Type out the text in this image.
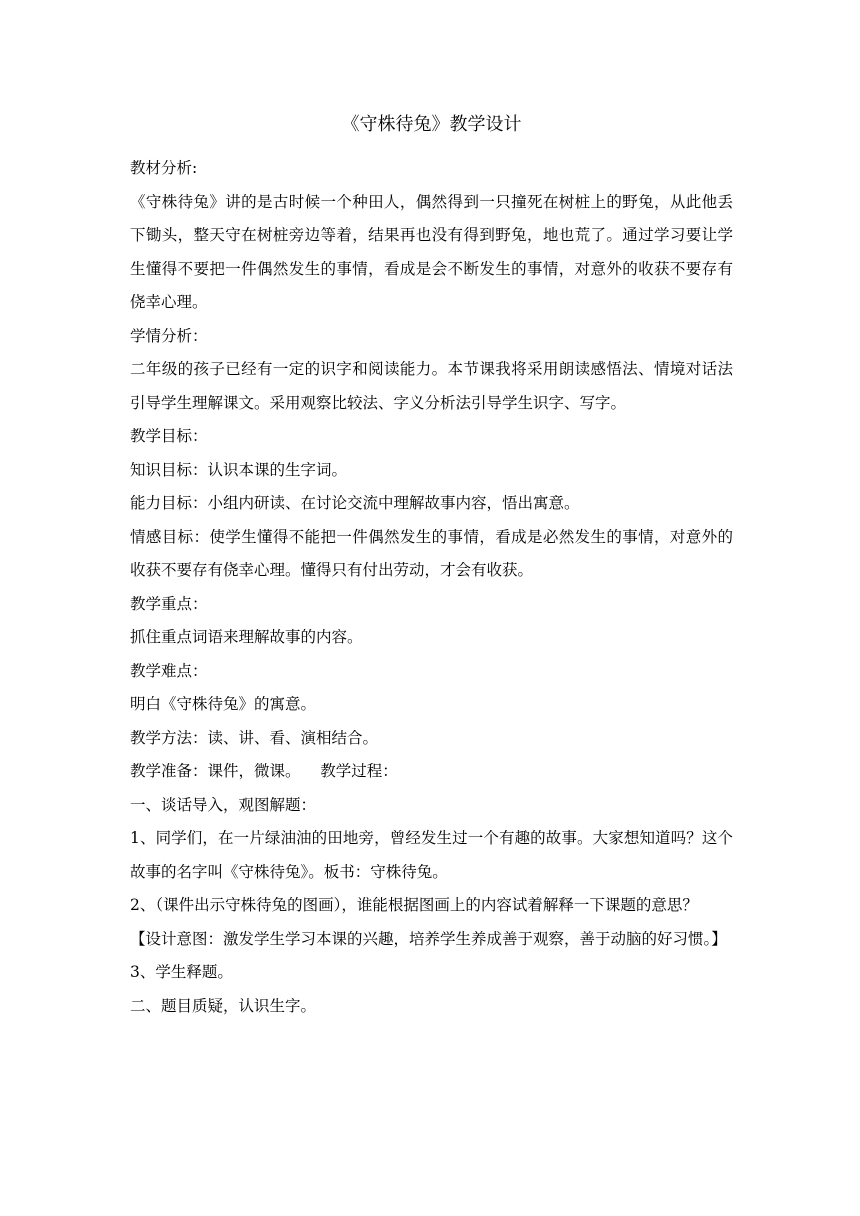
《守株待兔》教学设计

教材分析:

《守株待兔》讲的是古时候一个种田人，偶然得到一只撞死在树桩上的野兔，从此他丢下锄头，整天守在树桩旁边等着，结果再也没有得到野兔，地也荒了。通过学习要让学生懂得不要把一件偶然发生的事情，看成是会不断发生的事情，对意外的收获不要存有侥幸心理。

学情分析：

二年级的孩子已经有一定的识字和阅读能力。本节课我将采用朗读感悟法、情境对话法引导学生理解课文。采用观察比较法、字义分析法引导学生识字、写字。

教学目标：

知识目标：认识本课的生字词。

能力目标：小组内研读、在讨论交流中理解故事内容，悟出寓意。

情感目标：使学生懂得不能把一件偶然发生的事情，看成是必然发生的事情，对意外的收获不要存有侥幸心理。懂得只有付出劳动，才会有收获。

教学重点：

抓住重点词语来理解故事的内容。

教学难点：

明白《守株待兔》的寓意。

教学方法：读、讲、看、演相结合。

教学准备：课件，微课。    教学过程：

一、谈话导入，观图解题：

1、同学们，在一片绿油油的田地旁，曾经发生过一个有趣的故事。大家想知道吗？这个故事的名字叫《守株待兔》。板书：守株待兔。

2、（课件出示守株待兔的图画），谁能根据图画上的内容试着解释一下课题的意思？

【设计意图：激发学生学习本课的兴趣，培养学生养成善于观察，善于动脑的好习惯。】

3、学生释题。

二、题目质疑，认识生字。
